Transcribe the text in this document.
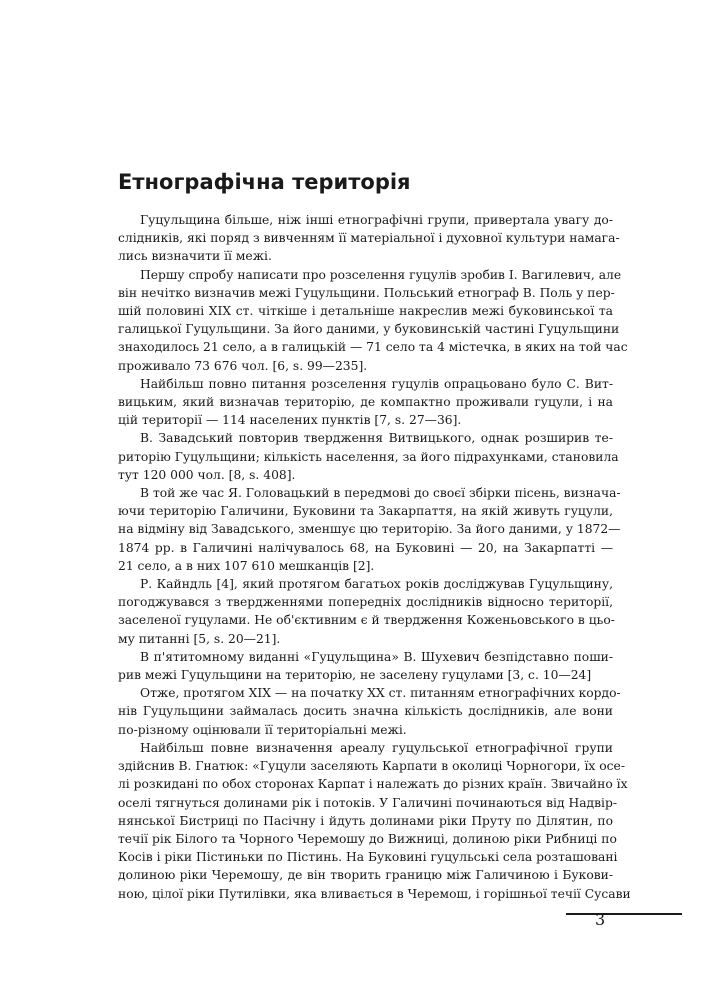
Етнографічна територія

Гуцульщина більше, ніж інші етнографічні групи, привертала увагу до-
слідників, які поряд з вивченням її матеріальної і духовної культури намага-
лись визначити її межі.

Першу спробу написати про розселення гуцулів зробив І. Вагилевич, але
він нечітко визначив межі Гуцульщини. Польський етнограф В. Поль у пер-
шій половині XIX ст. чіткіше і детальніше накреслив межі буковинської та
галицької Гуцульщини. За його даними, у буковинській частині Гуцульщини
знаходилось 21 село, а в галицькій — 71 село та 4 містечка, в яких на той час
проживало 73 676 чол. [6, s. 99—235].

Найбільш повно питання розселення гуцулів опрацьовано було С. Вит-
вицьким, який визначав територію, де компактно проживали гуцули, і на
цій території — 114 населених пунктів [7, s. 27—36].

В. Завадський повторив твердження Витвицького, однак розширив те-
риторію Гуцульщини; кількість населення, за його підрахунками, становила
тут 120 000 чол. [8, s. 408].

В той же час Я. Головацький в передмові до своєї збірки пісень, визнача-
ючи територію Галичини, Буковини та Закарпаття, на якій живуть гуцули,
на відміну від Завадського, зменшує цю територію. За його даними, у 1872—
1874 рр. в Галичині налічувалось 68, на Буковині — 20, на Закарпатті —
21 село, а в них 107 610 мешканців [2].

Р. Кайндль [4], який протягом багатьох років досліджував Гуцульщину,
погоджувався з твердженнями попередніх дослідників відносно території,
заселеної гуцулами. Не об'єктивним є й твердження Коженьовського в цьо-
му питанні [5, s. 20—21].

В п'ятитомному виданні «Гуцульщина» В. Шухевич безпідставно поши-
рив межі Гуцульщини на територію, не заселену гуцулами [3, с. 10—24]

Отже, протягом XIX — на початку XX ст. питанням етнографічних кордо-
нів Гуцульщини займалась досить значна кількість дослідників, але вони
по-різному оцінювали її територіальні межі.

Найбільш повне визначення ареалу гуцульської етнографічної групи
здійснив В. Гнатюк: «Гуцули заселяють Карпати в околиці Чорногори, їх осе-
лі розкидані по обох сторонах Карпат і належать до різних країн. Звичайно їх
оселі тягнуться долинами рік і потоків. У Галичині починаються від Надвір-
нянської Бистриці по Пасічну і йдуть долинами ріки Пруту по Ділятин, по
течії рік Білого та Чорного Черемошу до Вижниці, долиною ріки Рибниці по
Косів і ріки Пістиньки по Пістинь. На Буковині гуцульські села розташовані
долиною ріки Черемошу, де він творить границю між Галичиною і Букови-
ною, цілої ріки Путилівки, яка вливається в Черемош, і горішньої течії Сусави

3
